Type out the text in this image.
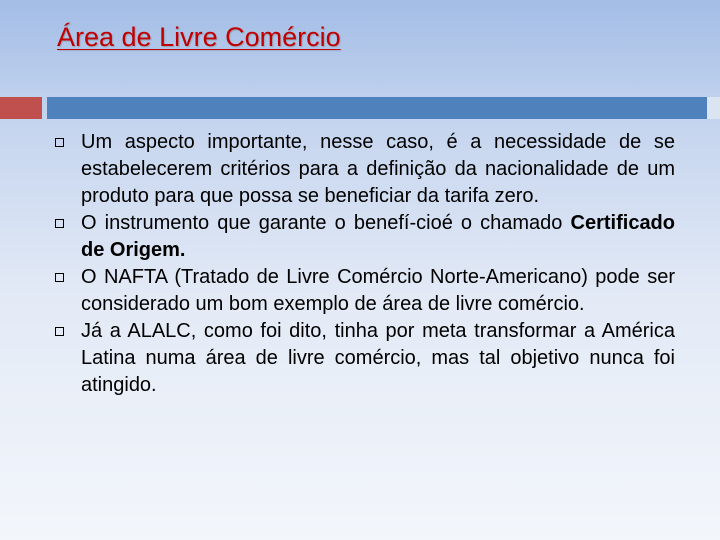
Área de Livre Comércio
Um aspecto importante, nesse caso, é a necessidade de se estabelecerem critérios para a definição da nacionalidade de um produto para que possa se beneficiar da tarifa zero.
O instrumento que garante o benefí-cioé o chamado Certificado de Origem.
O NAFTA (Tratado de Livre Comércio Norte-Americano) pode ser considerado um bom exemplo de área de livre comércio.
Já a ALALC, como foi dito, tinha por meta transformar a América Latina numa área de livre comércio, mas tal objetivo nunca foi atingido.
